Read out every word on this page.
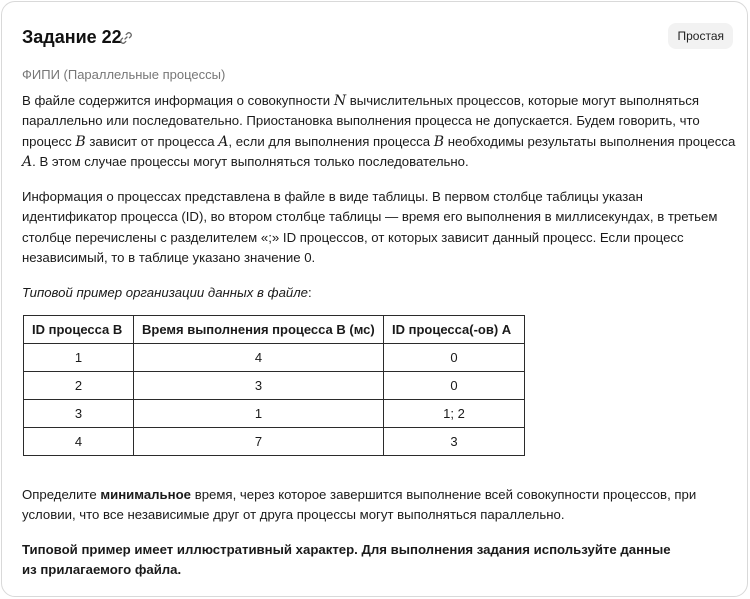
Задание 22	Простая
ФИПИ (Параллельные процессы)

В файле содержится информация о совокупности N вычислительных процессов, которые могут выполняться параллельно или последовательно. Приостановка выполнения процесса не допускается. Будем говорить, что процесс B зависит от процесса A, если для выполнения процесса B необходимы результаты выполнения процесса A. В этом случае процессы могут выполняться только последовательно.

Информация о процессах представлена в файле в виде таблицы. В первом столбце таблицы указан идентификатор процесса (ID), во втором столбце таблицы — время его выполнения в миллисекундах, в третьем столбце перечислены с разделителем «;» ID процессов, от которых зависит данный процесс. Если процесс независимый, то в таблице указано значение 0.

Типовой пример организации данных в файле:

ID процесса B	Время выполнения процесса B (мс)	ID процесса(-ов) A
1	4	0
2	3	0
3	1	1; 2
4	7	3

Определите минимальное время, через которое завершится выполнение всей совокупности процессов, при условии, что все независимые друг от друга процессы могут выполняться параллельно.

Типовой пример имеет иллюстративный характер. Для выполнения задания используйте данные
из прилагаемого файла.
